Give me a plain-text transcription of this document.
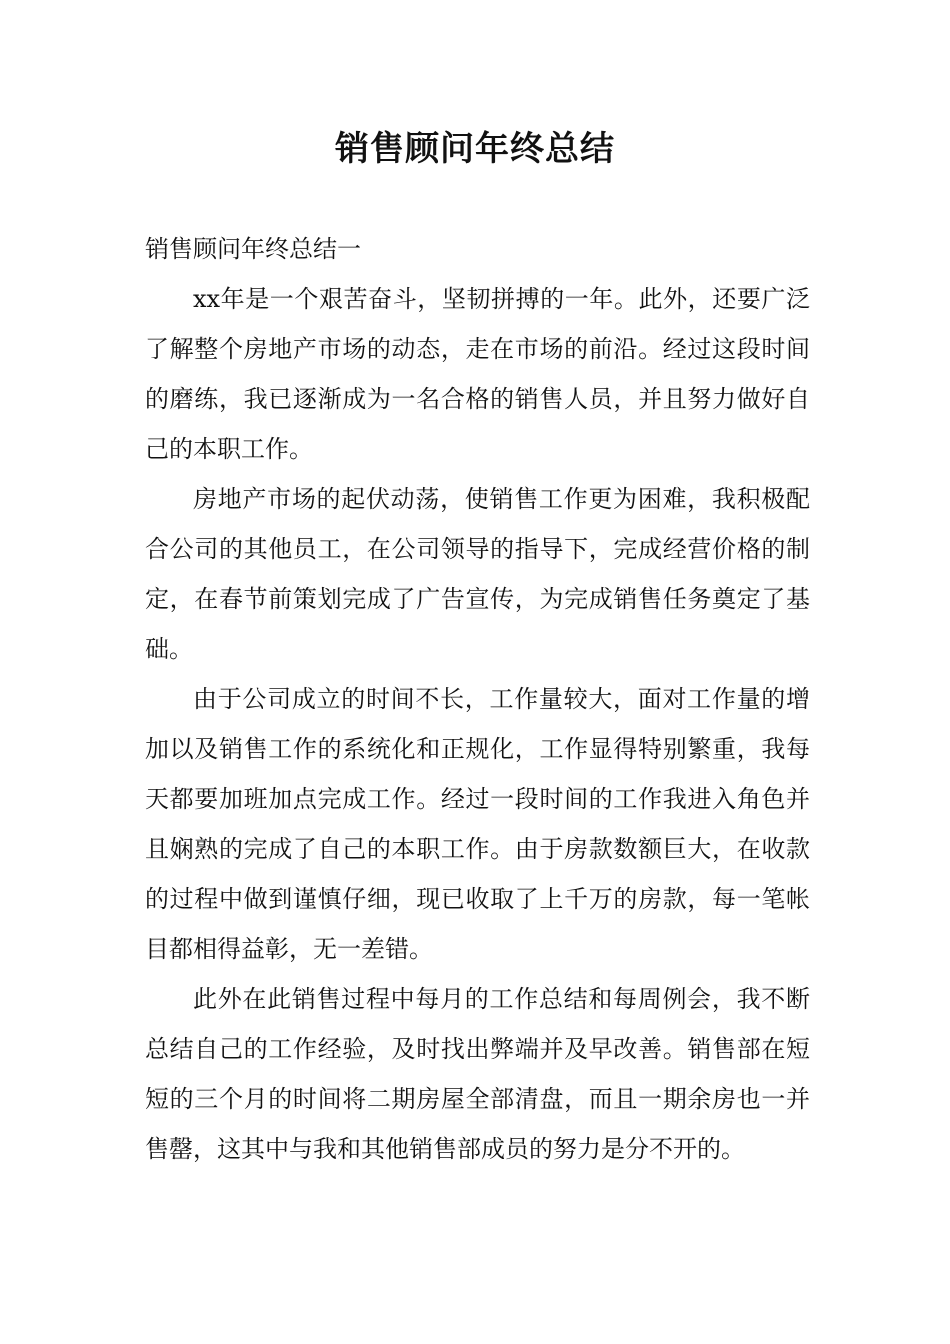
销售顾问年终总结

销售顾问年终总结一

xx年是一个艰苦奋斗，坚韧拼搏的一年。此外，还要广泛了解整个房地产市场的动态，走在市场的前沿。经过这段时间的磨练，我已逐渐成为一名合格的销售人员，并且努力做好自己的本职工作。

房地产市场的起伏动荡，使销售工作更为困难，我积极配合公司的其他员工，在公司领导的指导下，完成经营价格的制定，在春节前策划完成了广告宣传，为完成销售任务奠定了基础。

由于公司成立的时间不长，工作量较大，面对工作量的增加以及销售工作的系统化和正规化，工作显得特别繁重，我每天都要加班加点完成工作。经过一段时间的工作我进入角色并且娴熟的完成了自己的本职工作。由于房款数额巨大，在收款的过程中做到谨慎仔细，现已收取了上千万的房款，每一笔帐目都相得益彰，无一差错。

此外在此销售过程中每月的工作总结和每周例会，我不断总结自己的工作经验，及时找出弊端并及早改善。销售部在短短的三个月的时间将二期房屋全部清盘，而且一期余房也一并售罄，这其中与我和其他销售部成员的努力是分不开的。
